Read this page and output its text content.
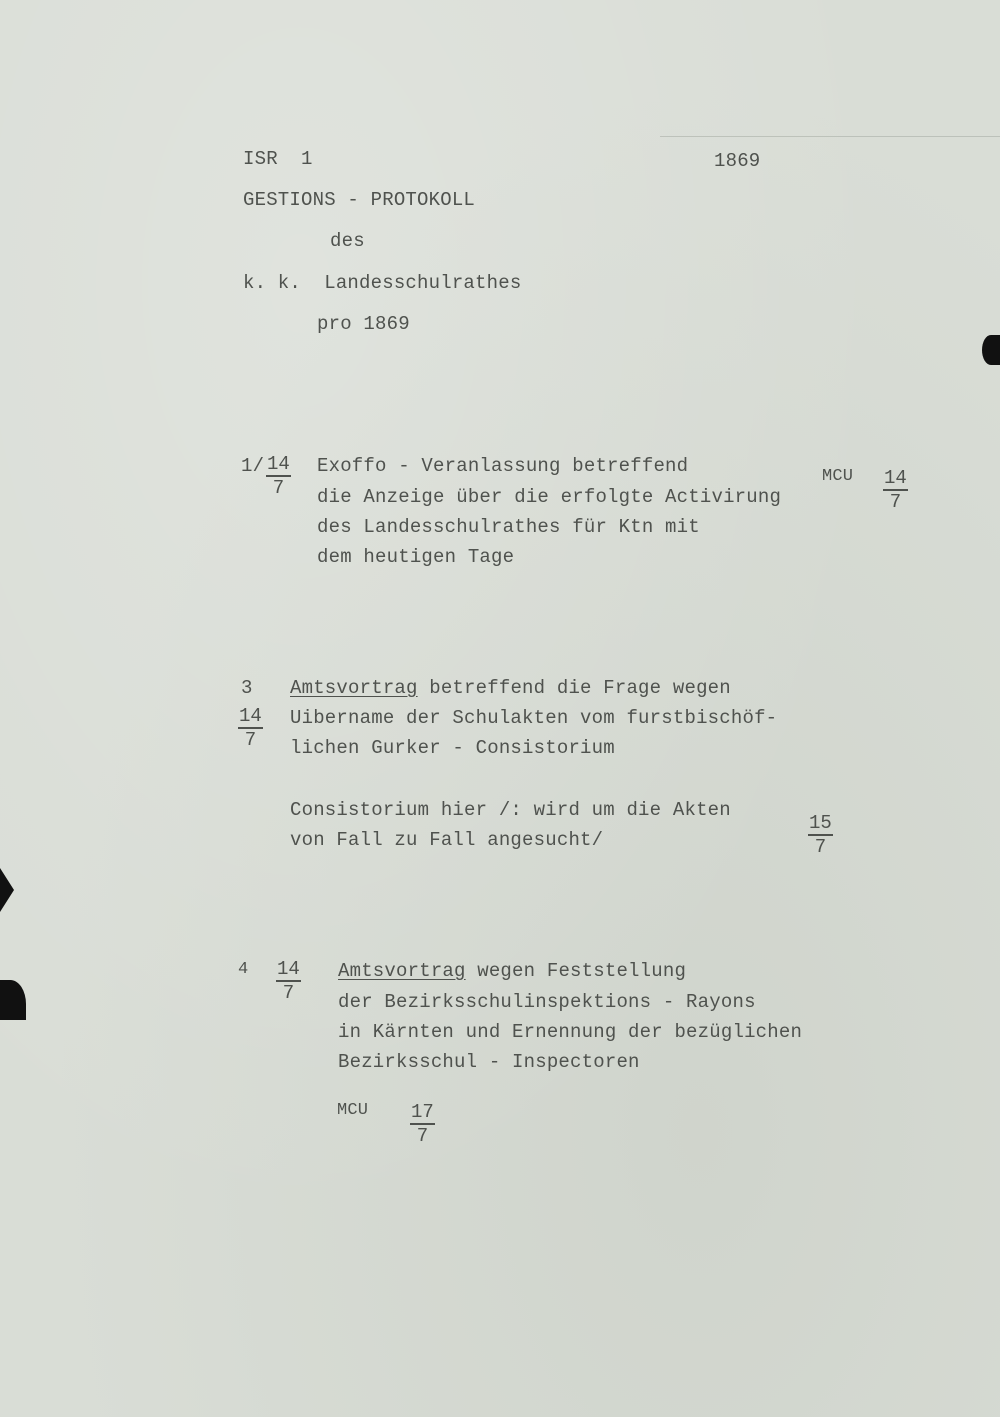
ISR  1	1869
GESTIONS - PROTOKOLL
des
k. k.  Landesschulrathes
pro 1869
$1/ \frac{14}{7}$ Exoffo - Veranlassung betreffend
die Anzeige über die erfolgte Activirung
des Landesschulrathes für Ktn mit
dem heutigen Tage
MCU $\frac{14}{7}$
3
$\frac{14}{7}$
Amtsvortrag betreffend die Frage wegen
Uibername der Schulakten vom furstbischöf-
lichen Gurker - Consistorium
Consistorium hier /: wird um die Akten
von Fall zu Fall angesucht/	$\frac{15}{7}$
$4 \frac{14}{7}$ Amtsvortrag wegen Feststellung
der Bezirksschulinspektions - Rayons
in Kärnten und Ernennung der bezüglichen
Bezirksschul - Inspectoren
MCU $\frac{17}{7}$
